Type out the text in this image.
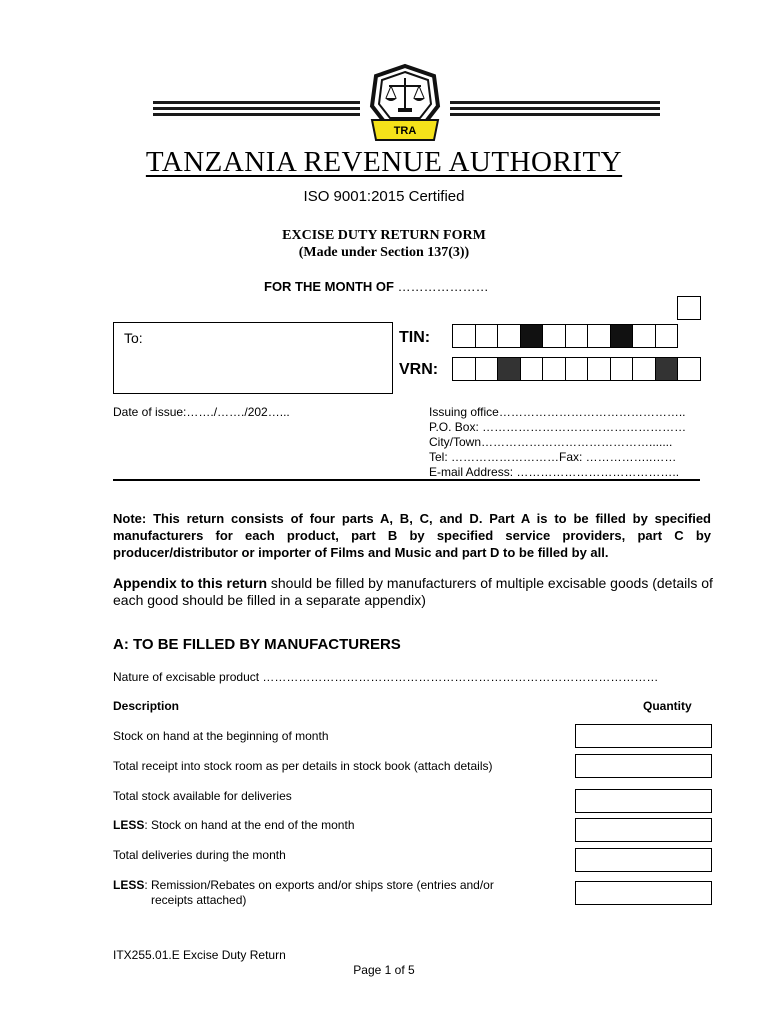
TRA
TANZANIA REVENUE AUTHORITY
ISO 9001:2015 Certified
EXCISE DUTY RETURN FORM
(Made under Section 137(3))
FOR THE MONTH OF …………………
To:	TIN:
VRN:
Date of issue:……./……./202…...	Issuing office………………………………………..
P.O. Box: ……………………………………………
City/Town…………………………………….......
Tel: ………………………Fax: ……………..……
E-mail Address: …………………………………..
Note: This return consists of four parts A, B, C, and D. Part A is to be filled by specified manufacturers for each product, part B by specified service providers, part C by producer/distributor or importer of Films and Music and part D to be filled by all.
Appendix to this return should be filled by manufacturers of multiple excisable goods (details of each good should be filled in a separate appendix)
A: TO BE FILLED BY MANUFACTURERS
Nature of excisable product ………………………………………………………………………………………
Description	Quantity
Stock on hand at the beginning of month
Total receipt into stock room as per details in stock book (attach details)
Total stock available for deliveries
LESS: Stock on hand at the end of the month
Total deliveries during the month
LESS: Remission/Rebates on exports and/or ships store (entries and/or
receipts attached)
ITX255.01.E Excise Duty Return
Page 1 of 5
